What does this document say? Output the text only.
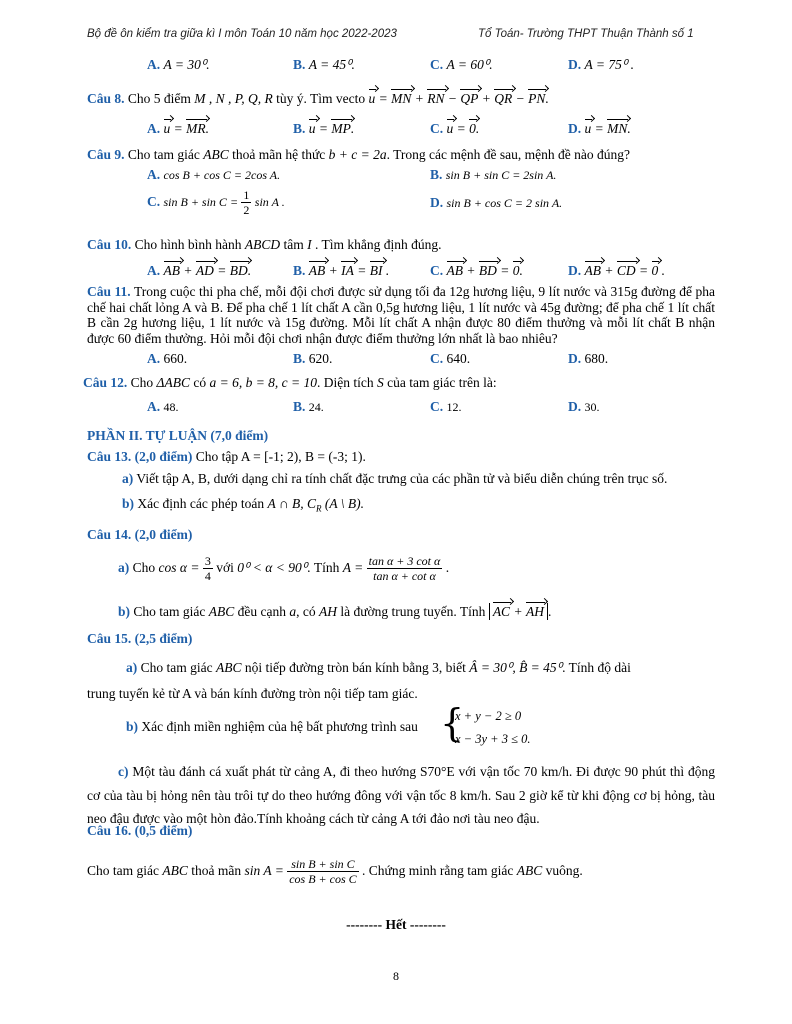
Bộ đề ôn kiểm tra giữa kì I môn Toán 10 năm học 2022-2023	Tổ Toán- Trường THPT Thuận Thành số 1
A. A = 30⁰.	B. A = 45⁰.	C. A = 60⁰.	D. A = 75⁰ .
Câu 8. Cho 5 điểm M , N , P, Q, R tùy ý. Tìm vecto u = MN + RN − QP + QR − PN.
A. u = MR.	B. u = MP.	C. u = 0.	D. u = MN.
Câu 9. Cho tam giác ABC thoả mãn hệ thức b + c = 2a. Trong các mệnh đề sau, mệnh đề nào đúng?
A. cos B + cos C = 2cos A.	B. sin B + sin C = 2sin A.
C. $\sin B + \sin C = \frac{1}{2}$ sin A .	D. sin B + cos C = 2 sin A.
Câu 10. Cho hình bình hành ABCD tâm I . Tìm khẳng định đúng.
A. AB + AD = BD.	B. AB + IA = BI .	C. AB + BD = 0.	D. AB + CD = 0 .
Câu 11. Trong cuộc thi pha chế, mỗi đội chơi được sử dụng tối đa 12g hương liệu, 9 lít nước và 315g đường để pha chế hai chất lỏng A và B. Để pha chế 1 lít chất A cần 0,5g hương liệu, 1 lít nước và 45g đường; để pha chế 1 lít chất B cần 2g hương liệu, 1 lít nước và 15g đường. Mỗi lít chất A nhận được 80 điểm thưởng và mỗi lít chất B nhận được 60 điểm thưởng. Hỏi mỗi đội chơi nhận được điểm thưởng lớn nhất là bao nhiêu?
A. 660.	B. 620.	C. 640.	D. 680.
Câu 12. Cho ΔABC có a = 6, b = 8, c = 10. Diện tích S của tam giác trên là:
A. 48.	B. 24.	C. 12.	D. 30.
PHẦN II. TỰ LUẬN (7,0 điểm)
Câu 13. (2,0 điểm) Cho tập A = [-1; 2), B = (-3; 1).
a) Viết tập A, B, dưới dạng chỉ ra tính chất đặc trưng của các phần tử và biểu diễn chúng trên trục số.
b) Xác định các phép toán A ∩ B, $C_R$ (A \ B).
Câu 14. (2,0 điểm)
a) Cho $\cos \alpha = \frac{3}{4}$ với 0⁰ < α < 90⁰. Tính $A = \frac{\text{tan α + 3 cot α}}{\text{tan α + cot α}}$ .
b) Cho tam giác ABC đều cạnh a, có AH là đường trung tuyến. Tính AC + AH .
Câu 15. (2,5 điểm)
a) Cho tam giác ABC nội tiếp đường tròn bán kính bằng 3, biết Â = 30⁰, B̂ = 45⁰. Tính độ dài
trung tuyến kẻ từ A và bán kính đường tròn nội tiếp tam giác.
b) Xác định miền nghiệm của hệ bất phương trình sau {
x + y − 2 ≥ 0
x − 3y + 3 ≤ 0.
c) Một tàu đánh cá xuất phát từ cảng A, đi theo hướng S70°E với vận tốc 70 km/h. Đi được 90 phút thì động cơ của tàu bị hỏng nên tàu trôi tự do theo hướng đông với vận tốc 8 km/h. Sau 2 giờ kể từ khi động cơ bị hỏng, tàu neo đậu được vào một hòn đảo.Tính khoảng cách từ cảng A tới đảo nơi tàu neo đậu.
Câu 16. (0,5 điểm)
Cho tam giác ABC thoả mãn $\sin A = \frac{\text{sin B + sin C}}{\text{cos B + cos C}}$ . Chứng minh rằng tam giác ABC vuông.
-------- Hết --------
8
